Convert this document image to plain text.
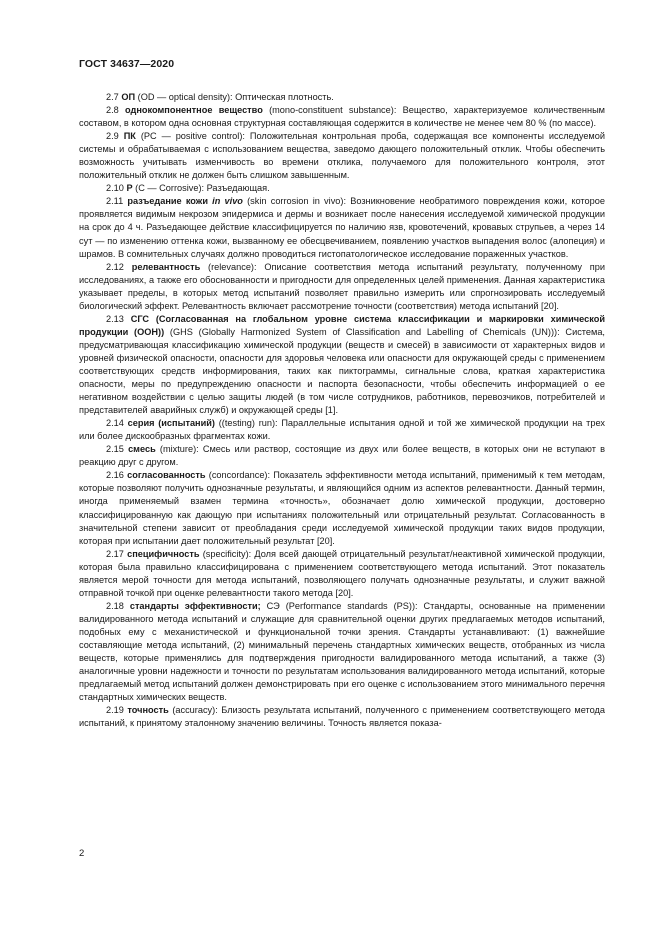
ГОСТ 34637—2020

2.7 ОП (OD — optical density): Оптическая плотность.

2.8 однокомпонентное вещество (mono-constituent substance): Вещество, характеризуемое количественным составом, в котором одна основная структурная составляющая содержится в количестве не менее чем 80 % (по массе).

2.9 ПК (PC — positive control): Положительная контрольная проба, содержащая все компоненты исследуемой системы и обрабатываемая с использованием вещества, заведомо дающего положительный отклик. Чтобы обеспечить возможность учитывать изменчивость во времени отклика, получаемого для положительного контроля, этот положительный отклик не должен быть слишком завышенным.

2.10 Р (C — Corrosive): Разъедающая.

2.11 разъедание кожи in vivo (skin corrosion in vivo): Возникновение необратимого повреждения кожи, которое проявляется видимым некрозом эпидермиса и дермы и возникает после нанесения исследуемой химической продукции на срок до 4 ч. Разъедающее действие классифицируется по наличию язв, кровотечений, кровавых струпьев, а через 14 сут — по изменению оттенка кожи, вызванному ее обесцвечиванием, появлению участков выпадения волос (алопеция) и шрамов. В сомнительных случаях должно проводиться гистопатологическое исследование пораженных участков.

2.12 релевантность (relevance): Описание соответствия метода испытаний результату, полученному при исследованиях, а также его обоснованности и пригодности для определенных целей применения. Данная характеристика указывает пределы, в которых метод испытаний позволяет правильно измерить или спрогнозировать исследуемый биологический эффект. Релевантность включает рассмотрение точности (соответствия) метода испытаний [20].

2.13 СГС (Согласованная на глобальном уровне система классификации и маркировки химической продукции (ООН)) (GHS (Globally Harmonized System of Classification and Labelling of Chemicals (UN))): Система, предусматривающая классификацию химической продукции (веществ и смесей) в зависимости от характерных видов и уровней физической опасности, опасности для здоровья человека или опасности для окружающей среды с применением соответствующих средств информирования, таких как пиктограммы, сигнальные слова, краткая характеристика опасности, меры по предупреждению опасности и паспорта безопасности, чтобы обеспечить информацией о ее негативном воздействии с целью защиты людей (в том числе сотрудников, работников, перевозчиков, потребителей и представителей аварийных служб) и окружающей среды [1].

2.14 серия (испытаний) ((testing) run): Параллельные испытания одной и той же химической продукции на трех или более дискообразных фрагментах кожи.

2.15 смесь (mixture): Смесь или раствор, состоящие из двух или более веществ, в которых они не вступают в реакцию друг с другом.

2.16 согласованность (concordance): Показатель эффективности метода испытаний, применимый к тем методам, которые позволяют получить однозначные результаты, и являющийся одним из аспектов релевантности. Данный термин, иногда применяемый взамен термина «точность», обозначает долю химической продукции, достоверно классифицированную как дающую при испытаниях положительный или отрицательный результат. Согласованность в значительной степени зависит от преобладания среди исследуемой химической продукции таких видов продукции, которая при испытании дает положительный результат [20].

2.17 специфичность (specificity): Доля всей дающей отрицательный результат/неактивной химической продукции, которая была правильно классифицирована с применением соответствующего метода испытаний. Этот показатель является мерой точности для метода испытаний, позволяющего получать однозначные результаты, и служит важной отправной точкой при оценке релевантности такого метода [20].

2.18 стандарты эффективности; СЭ (Performance standards (PS)): Стандарты, основанные на применении валидированного метода испытаний и служащие для сравнительной оценки других предлагаемых методов испытаний, подобных ему с механистической и функциональной точки зрения. Стандарты устанавливают: (1) важнейшие составляющие метода испытаний, (2) минимальный перечень стандартных химических веществ, отобранных из числа веществ, которые применялись для подтверждения пригодности валидированного метода испытаний, а также (3) аналогичные уровни надежности и точности по результатам использования валидированного метода испытаний, которые предлагаемый метод испытаний должен демонстрировать при его оценке с использованием этого минимального перечня стандартных химических веществ.

2.19 точность (accuracy): Близость результата испытаний, полученного с применением соответствующего метода испытаний, к принятому эталонному значению величины. Точность является показа-

2
